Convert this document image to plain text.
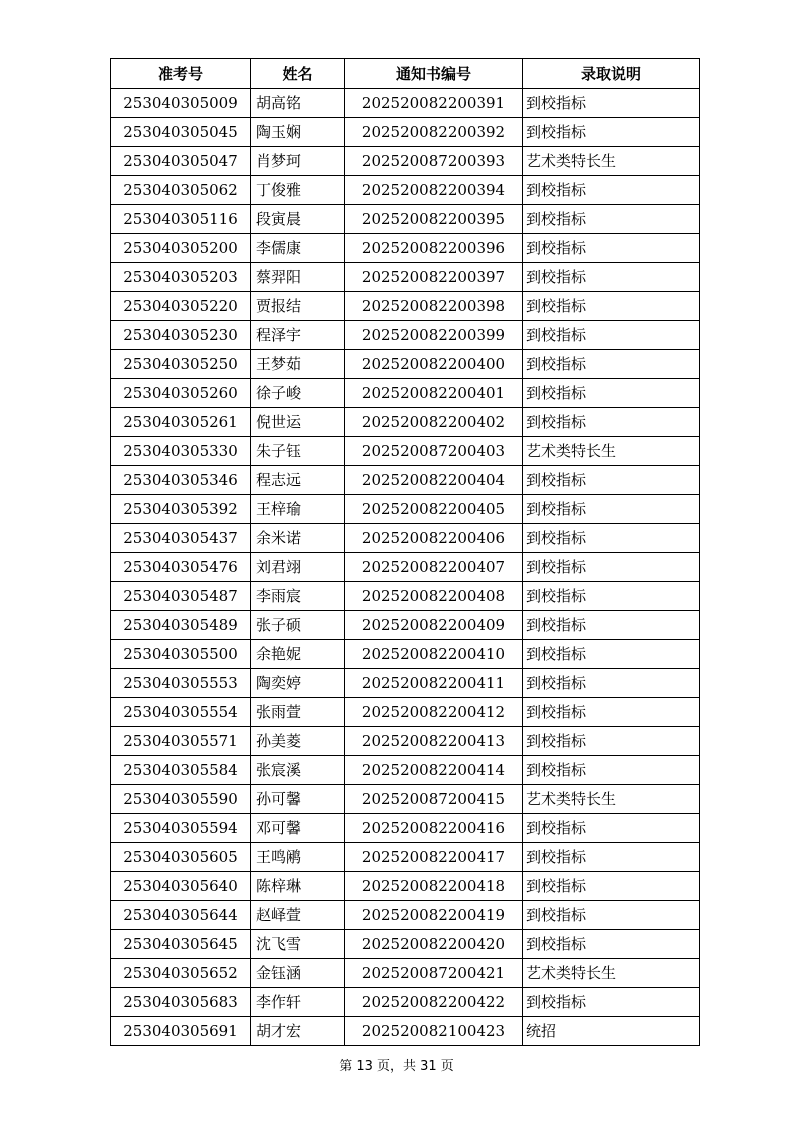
准考号	姓名	通知书编号	录取说明
253040305009	胡高铭	202520082200391	到校指标
253040305045	陶玉娴	202520082200392	到校指标
253040305047	肖梦珂	202520087200393	艺术类特长生
253040305062	丁俊雅	202520082200394	到校指标
253040305116	段寅晨	202520082200395	到校指标
253040305200	李儒康	202520082200396	到校指标
253040305203	蔡羿阳	202520082200397	到校指标
253040305220	贾报结	202520082200398	到校指标
253040305230	程泽宇	202520082200399	到校指标
253040305250	王梦茹	202520082200400	到校指标
253040305260	徐子峻	202520082200401	到校指标
253040305261	倪世运	202520082200402	到校指标
253040305330	朱子钰	202520087200403	艺术类特长生
253040305346	程志远	202520082200404	到校指标
253040305392	王梓瑜	202520082200405	到校指标
253040305437	余米诺	202520082200406	到校指标
253040305476	刘君翊	202520082200407	到校指标
253040305487	李雨宸	202520082200408	到校指标
253040305489	张子硕	202520082200409	到校指标
253040305500	余艳妮	202520082200410	到校指标
253040305553	陶奕婷	202520082200411	到校指标
253040305554	张雨萱	202520082200412	到校指标
253040305571	孙美菱	202520082200413	到校指标
253040305584	张宸溪	202520082200414	到校指标
253040305590	孙可馨	202520087200415	艺术类特长生
253040305594	邓可馨	202520082200416	到校指标
253040305605	王鸣鹇	202520082200417	到校指标
253040305640	陈梓琳	202520082200418	到校指标
253040305644	赵峄萱	202520082200419	到校指标
253040305645	沈飞雪	202520082200420	到校指标
253040305652	金钰涵	202520087200421	艺术类特长生
253040305683	李作轩	202520082200422	到校指标
253040305691	胡才宏	202520082100423	统招
第 13 页，共 31 页
